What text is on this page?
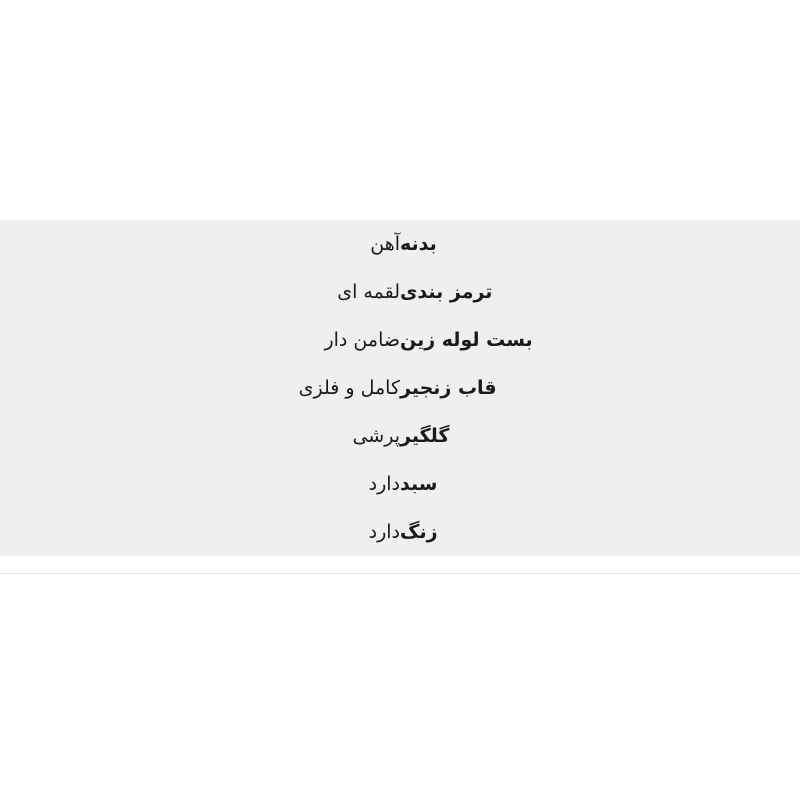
بدنه	آهن

ترمز بندی	لقمه ای

بست لوله زین	ضامن دار

قاب زنجیر	کامل و فلزی

گلگیر	پرشی

سبد	دارد

زنگ	دارد
